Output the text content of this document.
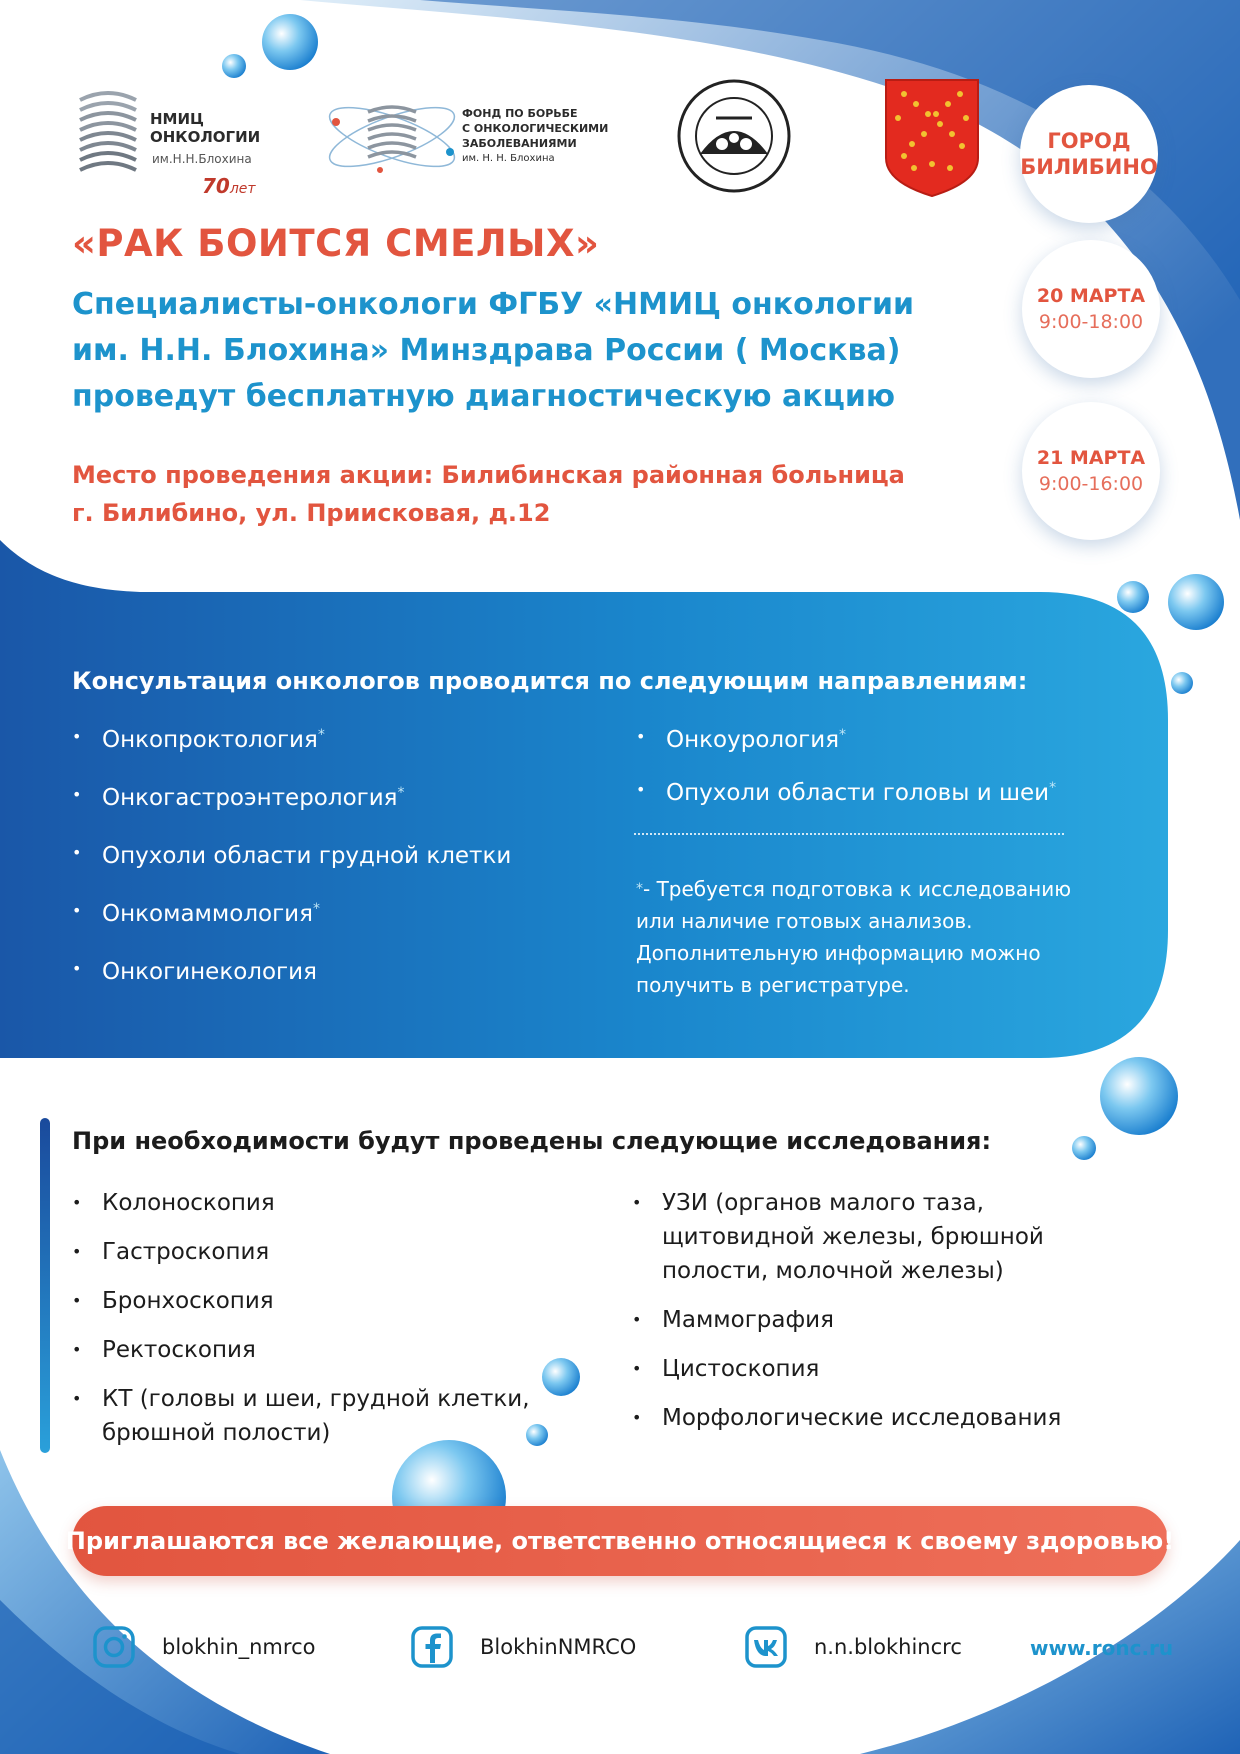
НМИЦ
ОНКОЛОГИИ
им.Н.Н.Блохина
70лет
ФОНД ПО БОРЬБЕ
С ОНКОЛОГИЧЕСКИМИ
ЗАБОЛЕВАНИЯМИ
им. Н. Н. Блохина
ГОРОД
БИЛИБИНО
20 МАРТА
9:00-18:00
21 МАРТА
9:00-16:00
«РАК БОИТСЯ СМЕЛЫХ»
Специалисты-онкологи ФГБУ «НМИЦ онкологии
им. Н.Н. Блохина» Минздрава России ( Москва)
проведут бесплатную диагностическую акцию
Место проведения акции: Билибинская районная больница
г. Билибино, ул. Приисковая, д.12
Консультация онкологов проводится по следующим направлениям:
• Онкопроктология*
• Онкогастроэнтерология*
• Опухоли области грудной клетки
• Онкомаммология*
• Онкогинекология
• Онкоурология*
• Опухоли области головы и шеи*
*- Требуется подготовка к исследованию
или наличие готовых анализов.
Дополнительную информацию можно
получить в регистратуре.
При необходимости будут проведены следующие исследования:
• Колоноскопия
• Гастроскопия
• Бронхоскопия
• Ректоскопия
• КТ (головы и шеи, грудной клетки,
брюшной полости)
• УЗИ (органов малого таза,
щитовидной железы, брюшной
полости, молочной железы)
• Маммография
• Цистоскопия
• Морфологические исследования
Приглашаются все желающие, ответственно относящиеся к своему здоровью!
blokhin_nmrco	BlokhinNMRCO	n.n.blokhincrc	www.ronc.ru
